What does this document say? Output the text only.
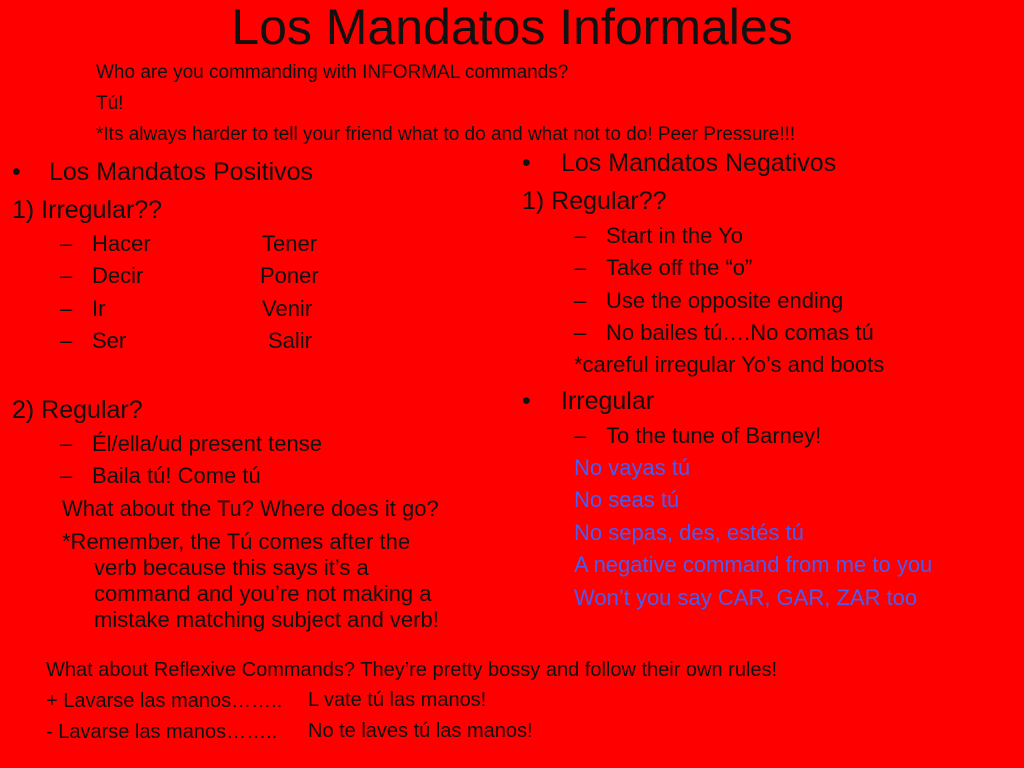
Los Mandatos Informales
Who are you commanding with INFORMAL commands?
Tú!
*Its always harder to tell your friend what to do and what not to do! Peer Pressure!!!
• Los Mandatos Positivos
1) Irregular??
– Hacer	Tener
– Decir	Poner
– Ir	Venir
– Ser	Salir
2) Regular?
– Él/ella/ud present tense
– Baila tú! Come tú
What about the Tu? Where does it go?
*Remember, the Tú comes after the
verb because this says it’s a
command and you’re not making a
mistake matching subject and verb!
• Los Mandatos Negativos
1) Regular??
– Start in the Yo
– Take off the “o”
– Use the opposite ending
– No bailes tú….No comas tú
*careful irregular Yo’s and boots
• Irregular
– To the tune of Barney!
No vayas tú
No seas tú
No sepas, des, estés tú
A negative command from me to you
Won’t you say CAR, GAR, ZAR too
What about Reflexive Commands? They’re pretty bossy and follow their own rules!
+ Lavarse las manos…….. L vate tú las manos!
- Lavarse las manos…….. No te laves tú las manos!
